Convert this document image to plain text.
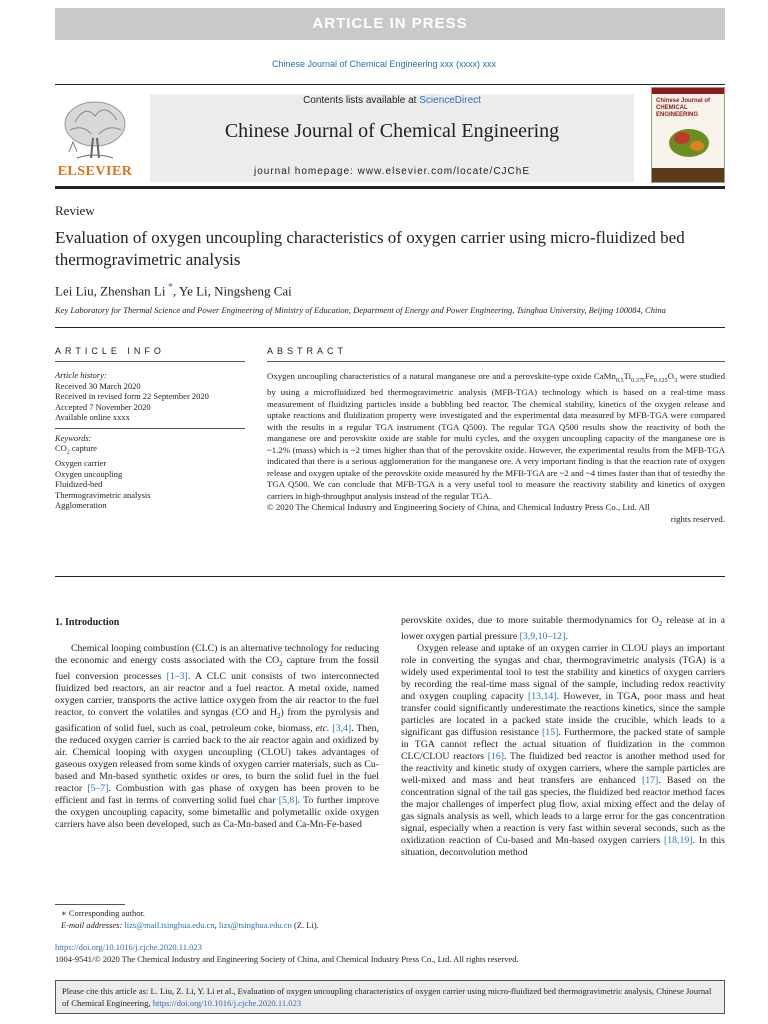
ARTICLE IN PRESS
Chinese Journal of Chemical Engineering xxx (xxxx) xxx
ELSEVIER
Contents lists available at ScienceDirect
Chinese Journal of Chemical Engineering
journal homepage: www.elsevier.com/locate/CJChE
Chinese Journal of
CHEMICAL ENGINEERING
Review
Evaluation of oxygen uncoupling characteristics of oxygen carrier using micro-fluidized bed thermogravimetric analysis
Lei Liu, Zhenshan Li *, Ye Li, Ningsheng Cai
Key Laboratory for Thermal Science and Power Engineering of Ministry of Education, Department of Energy and Power Engineering, Tsinghua University, Beijing 100084, China
ARTICLE INFO	ABSTRACT
Article history:
Received 30 March 2020
Received in revised form 22 September 2020
Accepted 7 November 2020
Available online xxxx
Keywords:
$CO_2$ capture
Oxygen carrier
Oxygen uncoupling
Fluidized-bed
Thermogravimetric analysis
Agglomeration
Oxygen uncoupling characteristics of a natural manganese ore and a perovskite-type oxide $CaMn_{0.5}Ti_{0.375}Fe_{0.125}O_3$ were studied by using a microfluidized bed thermogravimetric analysis (MFB-TGA) technology which is based on a real-time mass measurement of fluidizing particles inside a bubbling bed reactor. The chemical stability, kinetics of the oxygen release and uptake reactions and fluidization property were investigated and the experimental data measured by MFB-TGA were compared with the results in a regular TGA instrument (TGA Q500). The regular TGA Q500 results show the reactivity of both the manganese ore and perovskite oxide are stable for multi cycles, and the oxygen uncoupling capacity of the manganese ore is ~1.2% (mass) which is ~2 times higher than that of the perovskite oxide. However, the experimental results from the MFB-TGA indicated that there is a serious agglomeration for the manganese ore. A very important finding is that the reaction rate of oxygen release and oxygen uptake of the perovskite oxide measured by the MFB-TGA are ~2 and ~4 times faster than that of testedby the TGA Q500. We can conclude that MFB-TGA is a very useful tool to measure the reactivity stability and kinetics of oxygen carriers in high-throughput analysis instead of the regular TGA.
© 2020 The Chemical Industry and Engineering Society of China, and Chemical Industry Press Co., Ltd. All
rights reserved.
1. Introduction

Chemical looping combustion (CLC) is an alternative technology for reducing the economic and energy costs associated with the $CO_2$ capture from the fossil fuel conversion processes [1–3]. A CLC unit consists of two interconnected fluidized bed reactors, an air reactor and a fuel reactor. A metal oxide, named oxygen carrier, transports the active lattice oxygen from the air reactor to the fuel reactor, to convert the volatiles and syngas (CO and $H_2$) from the pyrolysis and gasification of solid fuel, such as coal, petroleum coke, biomass, etc. [3,4]. Then, the reduced oxygen carrier is carried back to the air reactor again and oxidized by air. Chemical looping with oxygen uncoupling (CLOU) takes advantages of gaseous oxygen released from some kinds of oxygen carrier materials, such as Cu-based and Mn-based synthetic oxides or ores, to burn the solid fuel in the fuel reactor [5–7]. Combustion with gas phase of oxygen has been proven to be efficient and fast in terms of converting solid fuel char [5,8]. To further improve the oxygen uncoupling capacity, some bimetallic and polymetallic oxide oxygen carriers have also been developed, such as Ca-Mn-based and Ca-Mn-Fe-based

perovskite oxides, due to more suitable thermodynamics for $O_2$ release at in a lower oxygen partial pressure [3,9,10–12].

Oxygen release and uptake of an oxygen carrier in CLOU plays an important role in converting the syngas and char, thermogravimetric analysis (TGA) is a widely used experimental tool to test the stability and kinetics of oxygen carriers by recording the real-time mass signal of the sample, including redox reactivity and oxygen coupling capacity [13,14]. However, in TGA, poor mass and heat transfer could significantly underestimate the reactions kinetics, since the sample particles are located in a packed state inside the crucible, which leads to a significant gas diffusion resistance [15]. Furthermore, the packed state of sample in TGA cannot reflect the actual situation of fluidization in the common CLC/CLOU reactors [16]. The fluidized bed reactor is another method used for the reactivity and kinetic study of oxygen carriers, where the sample particles are well-mixed and mass and heat transfers are enhanced [17]. Based on the concentration signal of the tail gas species, the fluidized bed reactor method faces the major challenges of imperfect plug flow, axial mixing effect and the delay of gas signals analysis as well, which leads to a large error for the gas concentration signal, especially when a reaction is very fast within several seconds, such as the oxidization reaction of Cu-based and Mn-based oxygen carriers [18,19]. In this situation, deconvolution method

∗ Corresponding author.
E-mail addresses: lizs@mail.tsinghua.edu.cn, lizs@tsinghua.edu.cn (Z. Li).
https://doi.org/10.1016/j.cjche.2020.11.023
1004-9541/© 2020 The Chemical Industry and Engineering Society of China, and Chemical Industry Press Co., Ltd. All rights reserved.
Please cite this article as: L. Liu, Z. Li, Y. Li et al., Evaluation of oxygen uncoupling characteristics of oxygen carrier using micro-fluidized bed thermogravimetric analysis, Chinese Journal of Chemical Engineering, https://doi.org/10.1016/j.cjche.2020.11.023
